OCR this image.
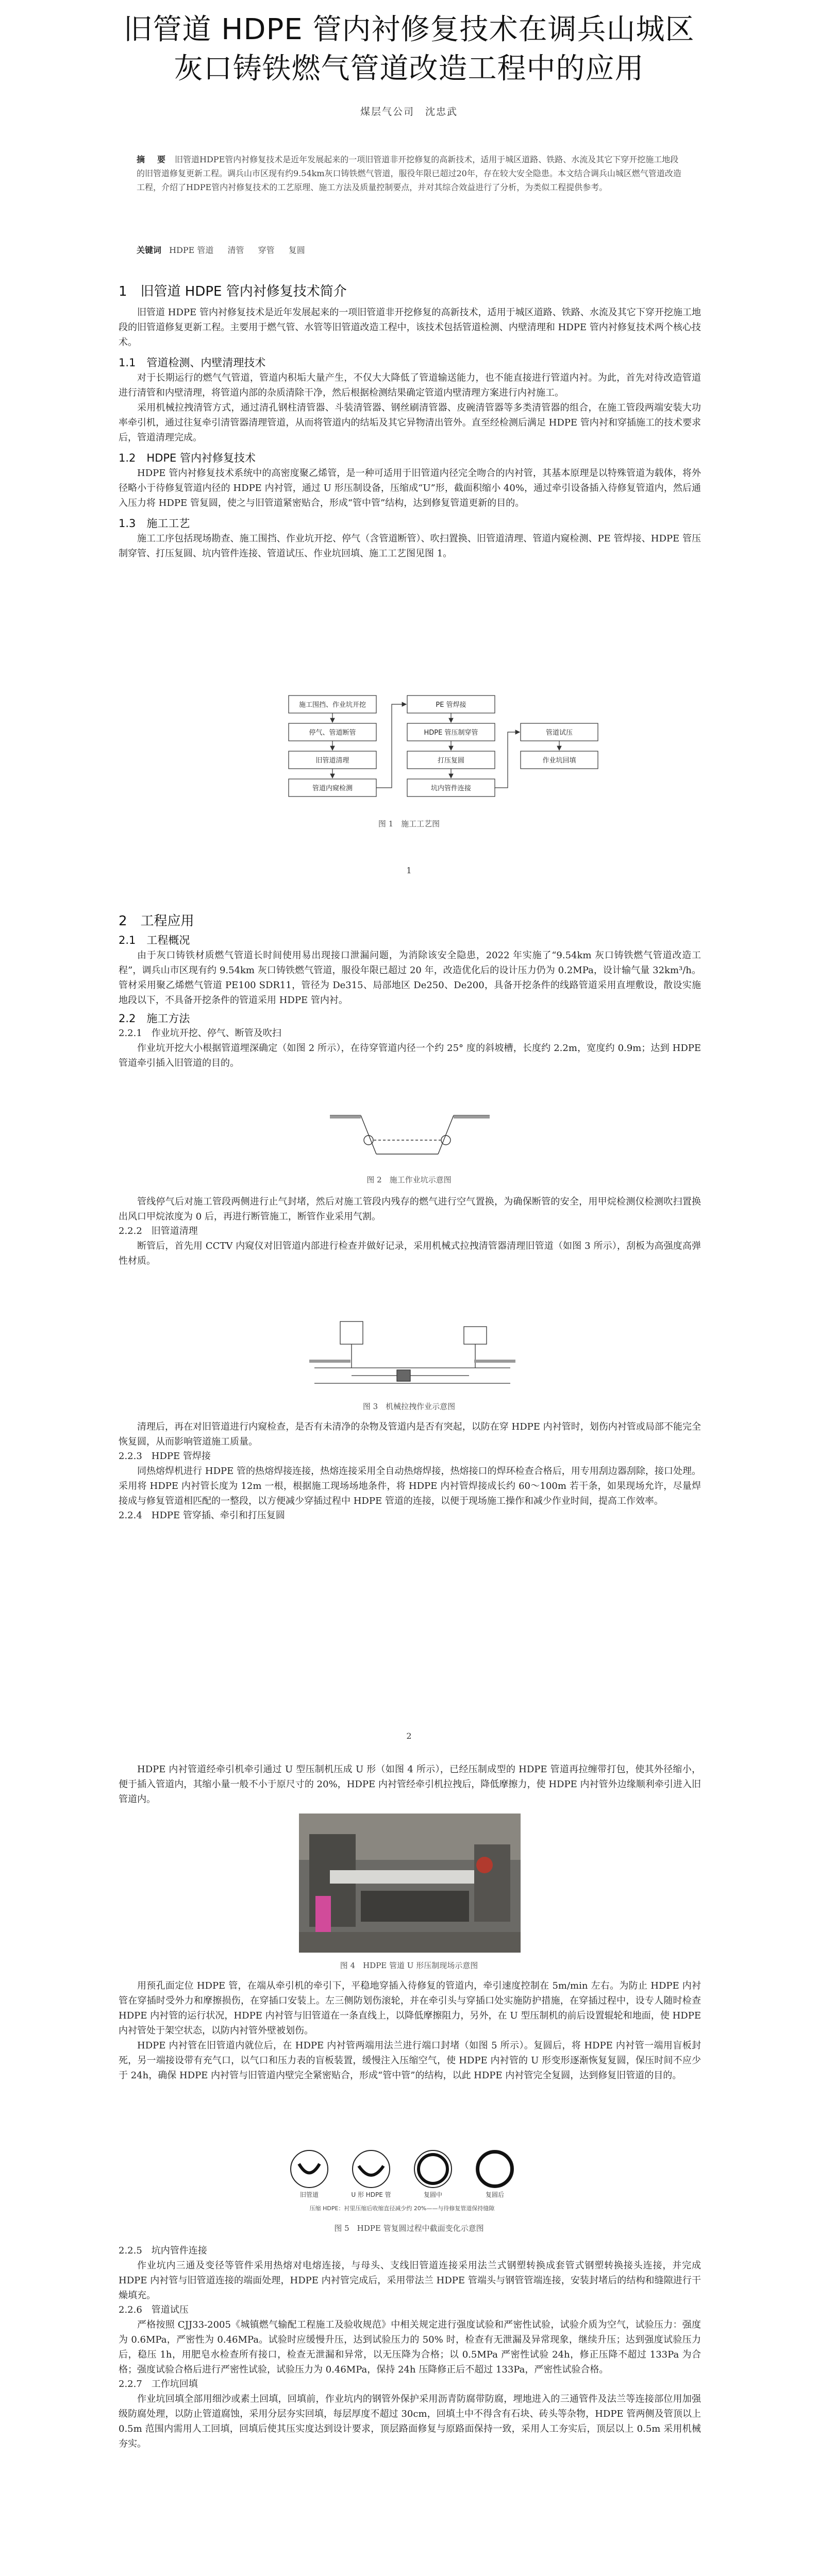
旧管道 HDPE 管内衬修复技术在调兵山城区
灰口铸铁燃气管道改造工程中的应用
煤层气公司　沈忠武
摘　要 旧管道HDPE管内衬修复技术是近年发展起来的一项旧管道非开挖修复的高新技术，适用于城区道路、铁路、水流及其它下穿开挖施工地段的旧管道修复更新工程。调兵山市区现有约9.54km灰口铸铁燃气管道，服役年限已超过20年，存在较大安全隐患。本文结合调兵山城区燃气管道改造工程，介绍了HDPE管内衬修复技术的工艺原理、施工方法及质量控制要点，并对其综合效益进行了分析，为类似工程提供参考。
关键词 HDPE 管道 清管 穿管 复圆
1　旧管道 HDPE 管内衬修复技术简介

旧管道 HDPE 管内衬修复技术是近年发展起来的一项旧管道非开挖修复的高新技术，适用于城区道路、铁路、水流及其它下穿开挖施工地段的旧管道修复更新工程。主要用于燃气管、水管等旧管道改造工程中，该技术包括管道检测、内壁清理和 HDPE 管内衬修复技术两个核心技术。

1.1　管道检测、内壁清理技术

对于长期运行的燃气气管道，管道内积垢大量产生，不仅大大降低了管道输送能力，也不能直接进行管道内衬。为此，首先对待改造管道进行清管和内壁清理，将管道内部的杂质清除干净，然后根据检测结果确定管道内壁清理方案进行内衬施工。

采用机械拉拽清管方式，通过清孔钢柱清管器、斗装清管器、钢丝刷清管器、皮碗清管器等多类清管器的组合，在施工管段两端安装大功率牵引机，通过往复牵引清管器清理管道，从而将管道内的结垢及其它异物清出管外。直至经检测后满足 HDPE 管内衬和穿插施工的技术要求后，管道清理完成。

1.2　HDPE 管内衬修复技术

HDPE 管内衬修复技术系统中的高密度聚乙烯管，是一种可适用于旧管道内径完全吻合的内衬管，其基本原理是以特殊管道为载体，将外径略小于待修复管道内径的 HDPE 内衬管，通过 U 形压制设备，压缩成“U”形，截面积缩小 40%，通过牵引设备插入待修复管道内，然后通入压力将 HDPE 管复圆，使之与旧管道紧密贴合，形成“管中管”结构，达到修复管道更新的目的。

1.3　施工工艺

施工工序包括现场勘查、施工围挡、作业坑开挖、停气（含管道断管）、吹扫置换、旧管道清理、管道内窥检测、PE 管焊接、HDPE 管压制穿管、打压复圆、坑内管件连接、管道试压、作业坑回填、施工工艺图见图 1。

施工围挡、作业坑开挖
停气、管道断管
旧管道清理
管道内窥检测
PE 管焊接
HDPE 管压制穿管
打压复圆
坑内管件连接
管道试压
作业坑回填
图 1　施工工艺图
1
2　工程应用
2.1　工程概况

由于灰口铸铁材质燃气管道长时间使用易出现接口泄漏问题，为消除该安全隐患，2022 年实施了“9.54km 灰口铸铁燃气管道改造工程”，调兵山市区现有约 9.54km 灰口铸铁燃气管道，服役年限已超过 20 年，改造优化后的设计压力仍为 0.2MPa，设计输气量 32km³/h。管材采用聚乙烯燃气管道 PE100 SDR11，管径为 De315、局部地区 De250、De200，具备开挖条件的线路管道采用直埋敷设，散设实施地段以下，不具备开挖条件的管道采用 HDPE 管内衬。

2.2　施工方法
2.2.1　作业坑开挖、停气、断管及吹扫

作业坑开挖大小根据管道埋深确定（如图 2 所示），在待穿管道内径一个约 25° 度的斜坡槽，长度约 2.2m，宽度约 0.9m；达到 HDPE 管道牵引插入旧管道的目的。

图 2　施工作业坑示意图

管线停气后对施工管段两侧进行止气封堵，然后对施工管段内残存的燃气进行空气置换，为确保断管的安全，用甲烷检测仪检测吹扫置换出风口甲烷浓度为 0 后，再进行断管施工，断管作业采用气割。

2.2.2　旧管道清理

断管后，首先用 CCTV 内窥仪对旧管道内部进行检查并做好记录，采用机械式拉拽清管器清理旧管道（如图 3 所示），刮板为高强度高弹性材质。

图 3　机械拉拽作业示意图

清理后，再在对旧管道进行内窥检查，是否有未清净的杂物及管道内是否有突起，以防在穿 HDPE 内衬管时，划伤内衬管或局部不能完全恢复圆，从而影响管道施工质量。

2.2.3　HDPE 管焊接

同热熔焊机进行 HDPE 管的热熔焊接连接，热熔连接采用全自动热熔焊接，热熔接口的焊环检查合格后，用专用刮边器刮除，接口处理。采用将 HDPE 内衬管长度为 12m 一根，根据施工现场场地条件，将 HDPE 内衬管焊接成长约 60～100m 若干条，如果现场允许，尽量焊接成与修复管道相匹配的一整段，以方便减少穿插过程中 HDPE 管道的连接，以便于现场施工操作和减少作业时间，提高工作效率。

2.2.4　HDPE 管穿插、牵引和打压复圆
2

HDPE 内衬管道经牵引机牵引通过 U 型压制机压成 U 形（如图 4 所示），已经压制成型的 HDPE 管道再拉缠带打包，使其外径缩小，便于插入管道内，其缩小量一般不小于原尺寸的 20%，HDPE 内衬管经牵引机拉拽后，降低摩擦力，使 HDPE 内衬管外边缘顺利牵引进入旧管道内。

图 4　HDPE 管道 U 形压制现场示意图

用预孔面定位 HDPE 管，在端从牵引机的牵引下，平稳地穿插入待修复的管道内，牵引速度控制在 5m/min 左右。为防止 HDPE 内衬管在穿插时受外力和摩擦损伤，在穿插口安装上。左三侧防划伤滚轮，并在牵引头与穿插口处实施防护措施，在穿插过程中，设专人随时检查 HDPE 内衬管的运行状况，HDPE 内衬管与旧管道在一条直线上，以降低摩擦阻力，另外，在 U 型压制机的前后设置辊轮和地面，使 HDPE 内衬管处于架空状态，以防内衬管外壁被划伤。

HDPE 内衬管在旧管道内就位后，在 HDPE 内衬管两端用法兰进行端口封堵（如图 5 所示）。复圆后，将 HDPE 内衬管一端用盲板封死，另一端接设带有充气口，以气口和压力表的盲板装置，缓慢注入压缩空气，使 HDPE 内衬管的 U 形变形逐渐恢复复圆，保压时间不应少于 24h，确保 HDPE 内衬管与旧管道内壁完全紧密贴合，形成“管中管”的结构，以此 HDPE 内衬管完全复圆，达到修复旧管道的目的。

旧管道	U 形 HDPE 管	复圆中	复圆后
压缩 HDPE：衬里压缩后收缩直径减少约 20%——与待修复管道保持缝隙
图 5　HDPE 管复圆过程中截面变化示意图
2.2.5　坑内管件连接

作业坑内三通及变径等管件采用热熔对电熔连接，与母头、支线旧管道连接采用法兰式钢塑转换成套管式钢塑转换接头连接，并完成 HDPE 内衬管与旧管道连接的端面处理，HDPE 内衬管完成后，采用带法兰 HDPE 管端头与钢管管端连接，安装封堵后的结构和缝隙进行干燥填充。

2.2.6　管道试压

严格按照 CJJ33-2005《城镇燃气输配工程施工及验收规范》中相关规定进行强度试验和严密性试验，试验介质为空气，试验压力：强度为 0.6MPa，严密性为 0.46MPa。试验时应缓慢升压，达到试验压力的 50% 时，检查有无泄漏及异常现象，继续升压；达到强度试验压力后，稳压 1h，用肥皂水检查所有接口，检查无泄漏和异常，以无压降为合格；以 0.5MPa 严密性试验 24h，修正压降不超过 133Pa 为合格；强度试验合格后进行严密性试验，试验压力为 0.46MPa，保持 24h 压降修正后不超过 133Pa，严密性试验合格。

2.2.7　工作坑回填

作业坑回填全部用细沙或素土回填，回填前，作业坑内的钢管外保护采用沥青防腐带防腐，埋地进入的三通管件及法兰等连接部位用加强级防腐处理，以防止管道腐蚀，采用分层夯实回填，每层厚度不超过 30cm，回填土中不得含有石块、砖头等杂物，HDPE 管两侧及管顶以上 0.5m 范围内需用人工回填，回填后使其压实度达到设计要求，顶层路面修复与原路面保持一致，采用人工夯实后，顶层以上 0.5m 采用机械夯实。
